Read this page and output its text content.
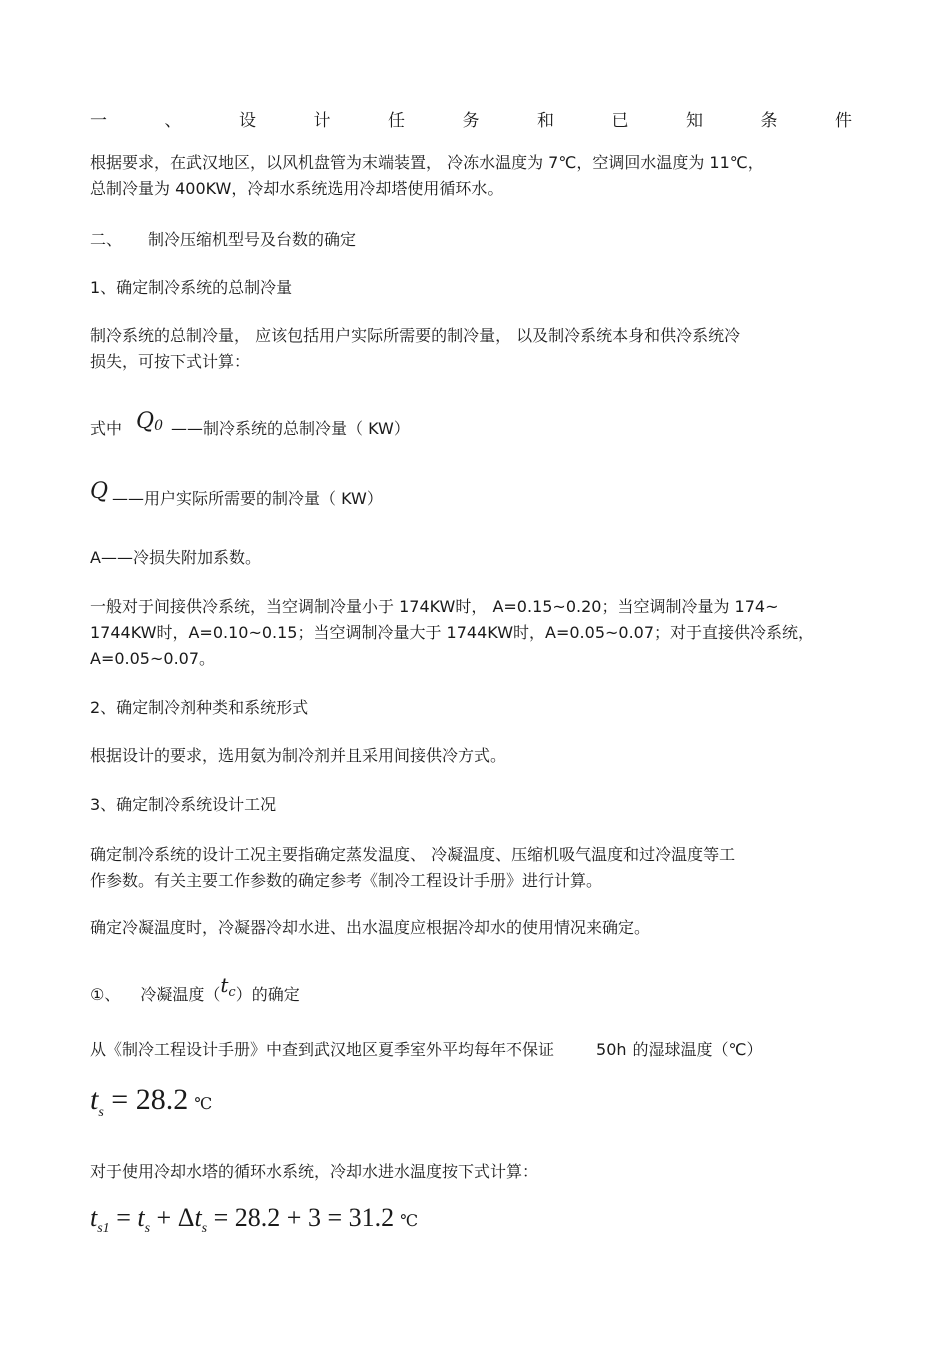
一	、	设	计	任	务	和	已	知	条	件
根据要求，在武汉地区，以风机盘管为末端装置， 冷冻水温度为 7℃，空调回水温度为 11℃，
总制冷量为 400KW，冷却水系统选用冷却塔使用循环水。
二、 制冷压缩机型号及台数的确定
1、确定制冷系统的总制冷量
制冷系统的总制冷量， 应该包括用户实际所需要的制冷量， 以及制冷系统本身和供冷系统冷
损失，可按下式计算：
式中 Q0 ——制冷系统的总制冷量（ KW）
Q ——用户实际所需要的制冷量（ KW）
A——冷损失附加系数。
一般对于间接供冷系统，当空调制冷量小于 174KW时， A=0.15~0.20；当空调制冷量为 174~
1744KW时，A=0.10~0.15；当空调制冷量大于 1744KW时，A=0.05~0.07；对于直接供冷系统，
A=0.05~0.07。
2、确定制冷剂种类和系统形式
根据设计的要求，选用氨为制冷剂并且采用间接供冷方式。
3、确定制冷系统设计工况
确定制冷系统的设计工况主要指确定蒸发温度、 冷凝温度、压缩机吸气温度和过冷温度等工
作参数。有关主要工作参数的确定参考《制冷工程设计手册》进行计算。
确定冷凝温度时，冷凝器冷却水进、出水温度应根据冷却水的使用情况来确定。
①、 冷凝温度$(t^c)$的确定
从《制冷工程设计手册》中查到武汉地区夏季室外平均每年不保证	50h 的湿球温度（℃）
$t_s = 28.2$ ℃
对于使用冷却水塔的循环水系统，冷却水进水温度按下式计算：
$t_{s1} = t_s + \Delta t_s = 28.2 + 3 = 31.2$ ℃
